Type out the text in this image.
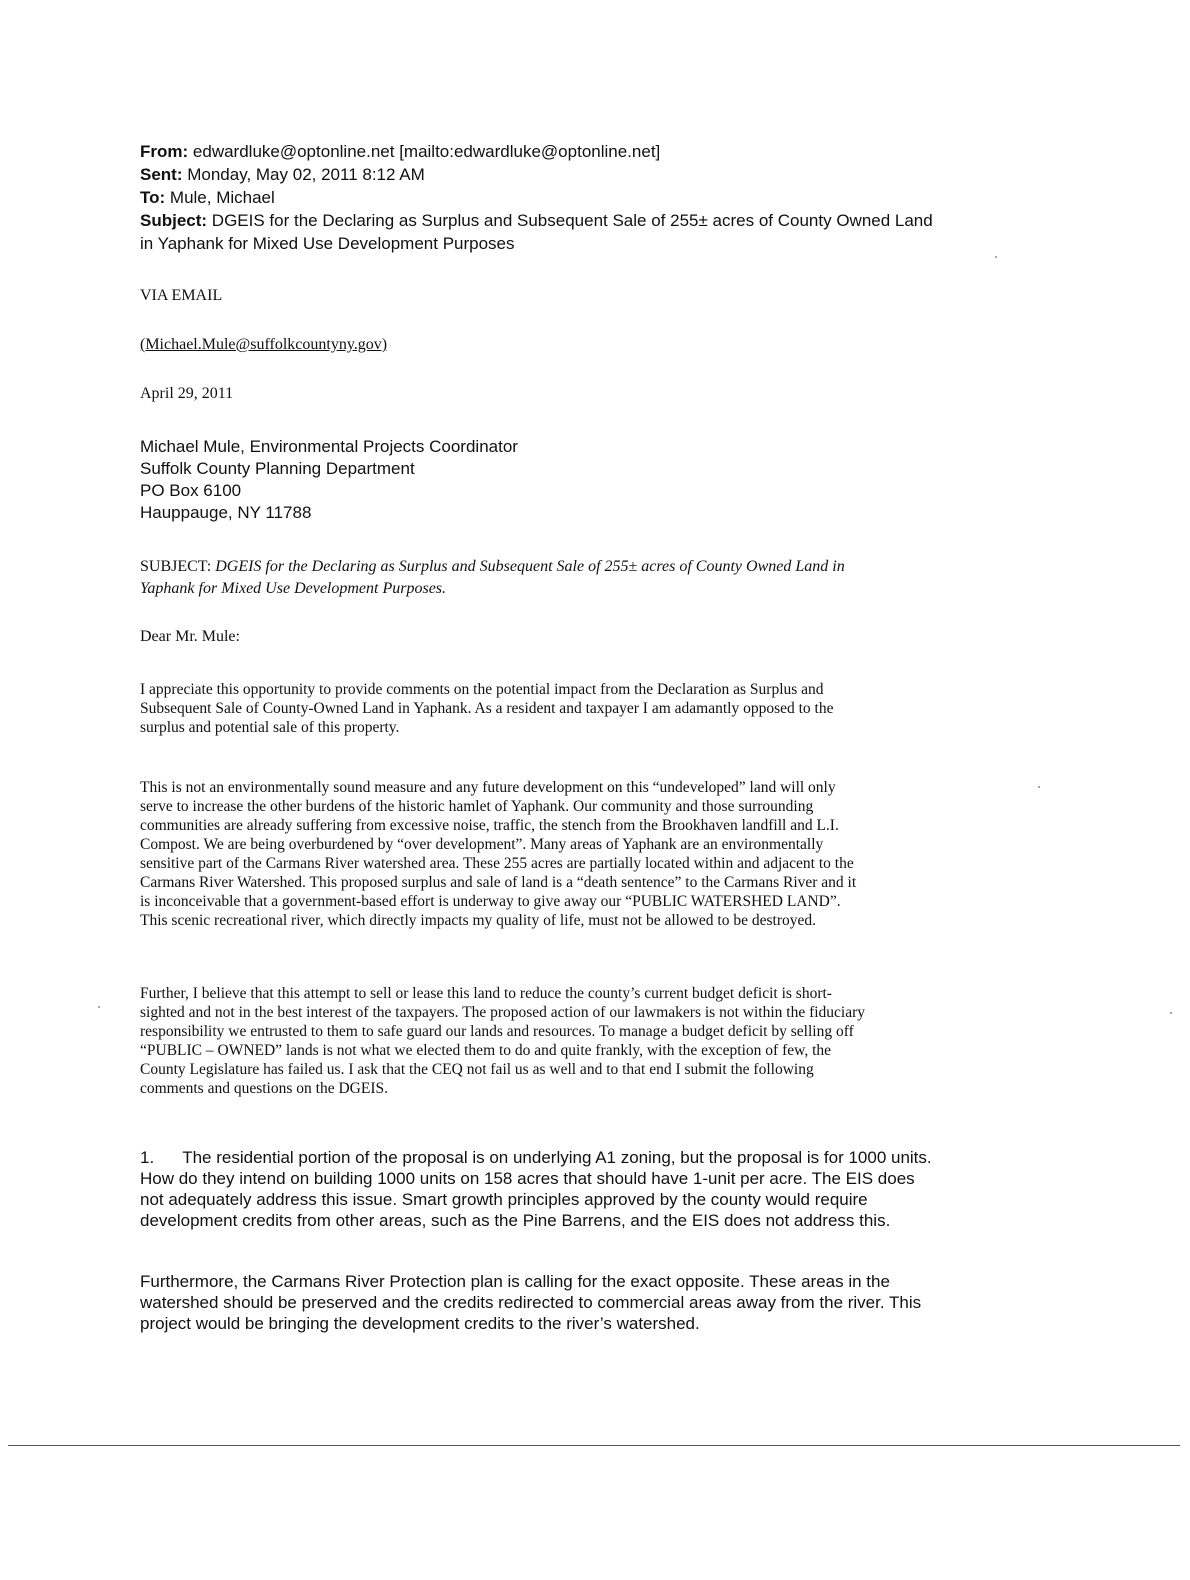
From: edwardluke@optonline.net [mailto:edwardluke@optonline.net]
Sent: Monday, May 02, 2011 8:12 AM
To: Mule, Michael
Subject: DGEIS for the Declaring as Surplus and Subsequent Sale of 255± acres of County Owned Land
in Yaphank for Mixed Use Development Purposes
VIA EMAIL
(Michael.Mule@suffolkcountyny.gov)
April 29, 2011
Michael Mule, Environmental Projects Coordinator
Suffolk County Planning Department
PO Box 6100
Hauppauge, NY 11788
SUBJECT: DGEIS for the Declaring as Surplus and Subsequent Sale of 255± acres of County Owned Land in
Yaphank for Mixed Use Development Purposes.
Dear Mr. Mule:
I appreciate this opportunity to provide comments on the potential impact from the Declaration as Surplus and
Subsequent Sale of County-Owned Land in Yaphank. As a resident and taxpayer I am adamantly opposed to the
surplus and potential sale of this property.
This is not an environmentally sound measure and any future development on this “undeveloped” land will only
serve to increase the other burdens of the historic hamlet of Yaphank. Our community and those surrounding
communities are already suffering from excessive noise, traffic, the stench from the Brookhaven landfill and L.I.
Compost. We are being overburdened by “over development”. Many areas of Yaphank are an environmentally
sensitive part of the Carmans River watershed area. These 255 acres are partially located within and adjacent to the
Carmans River Watershed. This proposed surplus and sale of land is a “death sentence” to the Carmans River and it
is inconceivable that a government-based effort is underway to give away our “PUBLIC WATERSHED LAND”.
This scenic recreational river, which directly impacts my quality of life, must not be allowed to be destroyed.
Further, I believe that this attempt to sell or lease this land to reduce the county’s current budget deficit is short-
sighted and not in the best interest of the taxpayers. The proposed action of our lawmakers is not within the fiduciary
responsibility we entrusted to them to safe guard our lands and resources. To manage a budget deficit by selling off
“PUBLIC – OWNED” lands is not what we elected them to do and quite frankly, with the exception of few, the
County Legislature has failed us. I ask that the CEQ not fail us as well and to that end I submit the following
comments and questions on the DGEIS.
1.      The residential portion of the proposal is on underlying A1 zoning, but the proposal is for 1000 units.
How do they intend on building 1000 units on 158 acres that should have 1-unit per acre. The EIS does
not adequately address this issue. Smart growth principles approved by the county would require
development credits from other areas, such as the Pine Barrens, and the EIS does not address this.
Furthermore, the Carmans River Protection plan is calling for the exact opposite. These areas in the
watershed should be preserved and the credits redirected to commercial areas away from the river. This
project would be bringing the development credits to the river’s watershed.
